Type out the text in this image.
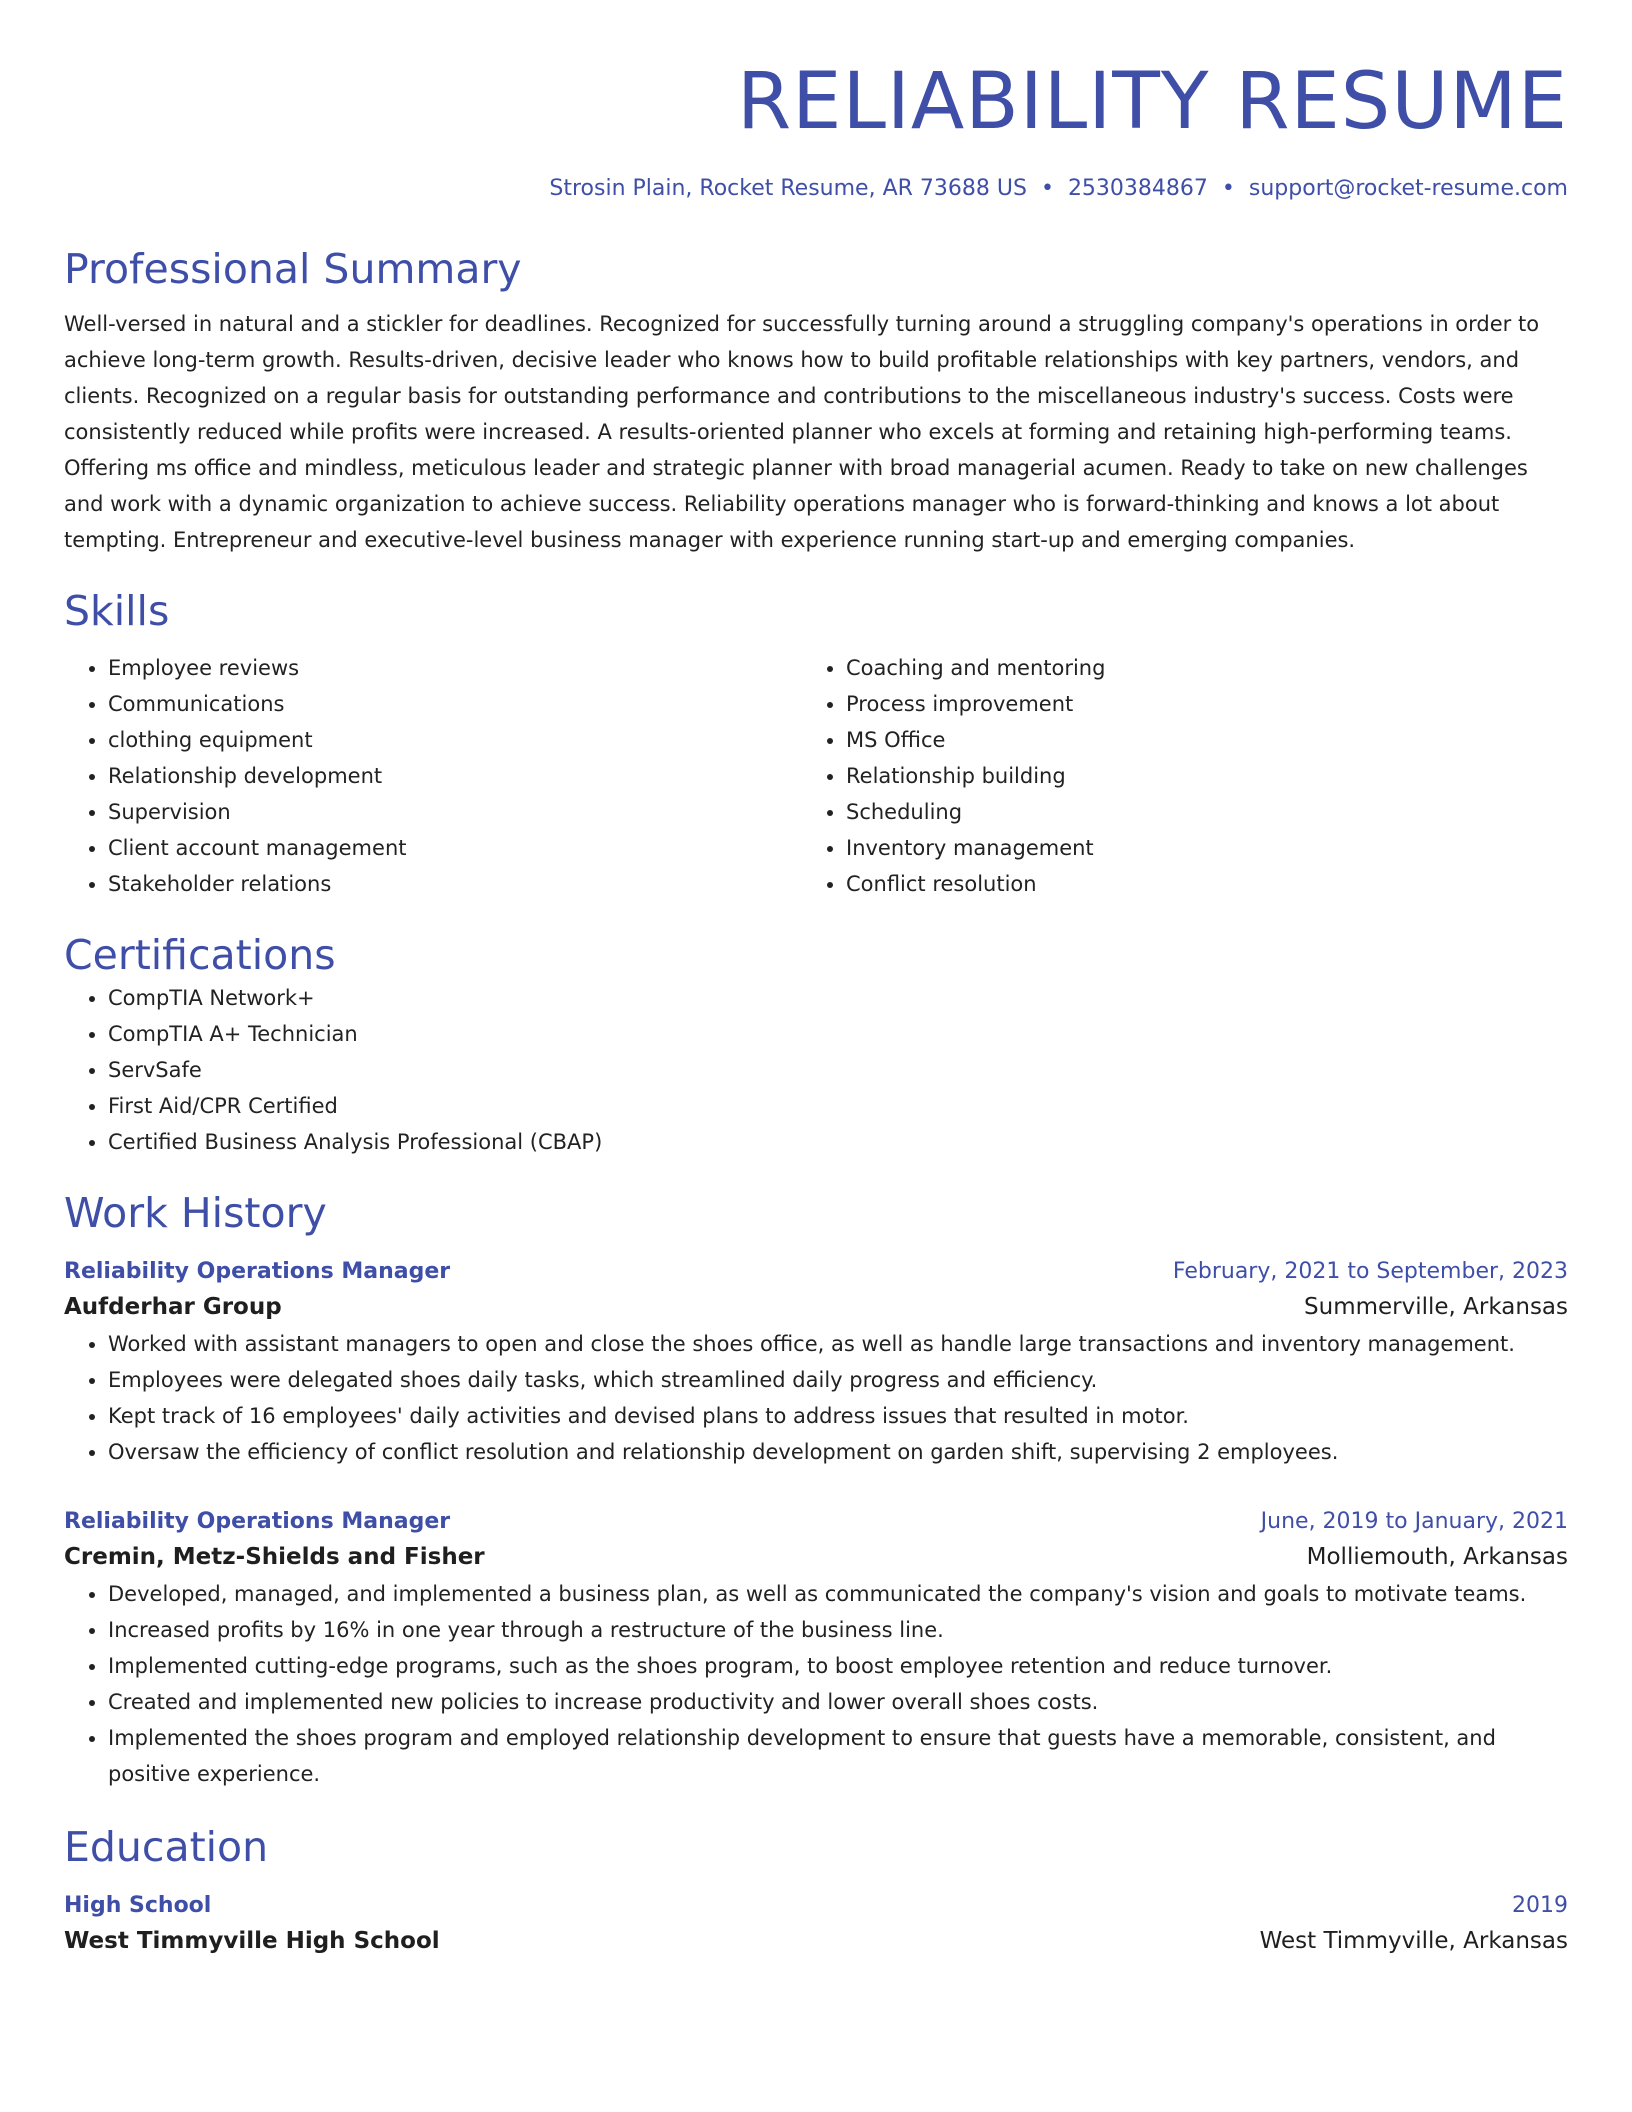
RELIABILITY RESUME
Strosin Plain, Rocket Resume, AR 73688 US • 2530384867 • support@rocket-resume.com
Professional Summary
Well-versed in natural and a stickler for deadlines. Recognized for successfully turning around a struggling company's operations in order to achieve long-term growth. Results-driven, decisive leader who knows how to build profitable relationships with key partners, vendors, and clients. Recognized on a regular basis for outstanding performance and contributions to the miscellaneous industry's success. Costs were consistently reduced while profits were increased. A results-oriented planner who excels at forming and retaining high-performing teams. Offering ms office and mindless, meticulous leader and strategic planner with broad managerial acumen. Ready to take on new challenges and work with a dynamic organization to achieve success. Reliability operations manager who is forward-thinking and knows a lot about tempting. Entrepreneur and executive-level business manager with experience running start-up and emerging companies.
Skills
• Employee reviews
• Communications
• clothing equipment
• Relationship development
• Supervision
• Client account management
• Stakeholder relations
• Coaching and mentoring
• Process improvement
• MS Office
• Relationship building
• Scheduling
• Inventory management
• Conflict resolution
Certifications
• CompTIA Network+
• CompTIA A+ Technician
• ServSafe
• First Aid/CPR Certified
• Certified Business Analysis Professional (CBAP)
Work History
Reliability Operations Manager	February, 2021 to September, 2023
Aufderhar Group	Summerville, Arkansas
• Worked with assistant managers to open and close the shoes office, as well as handle large transactions and inventory management.
• Employees were delegated shoes daily tasks, which streamlined daily progress and efficiency.
• Kept track of 16 employees' daily activities and devised plans to address issues that resulted in motor.
• Oversaw the efficiency of conflict resolution and relationship development on garden shift, supervising 2 employees.
Reliability Operations Manager	June, 2019 to January, 2021
Cremin, Metz-Shields and Fisher	Molliemouth, Arkansas
• Developed, managed, and implemented a business plan, as well as communicated the company's vision and goals to motivate teams.
• Increased profits by 16% in one year through a restructure of the business line.
• Implemented cutting-edge programs, such as the shoes program, to boost employee retention and reduce turnover.
• Created and implemented new policies to increase productivity and lower overall shoes costs.
• Implemented the shoes program and employed relationship development to ensure that guests have a memorable, consistent, and positive experience.
Education
High School	2019
West Timmyville High School	West Timmyville, Arkansas
